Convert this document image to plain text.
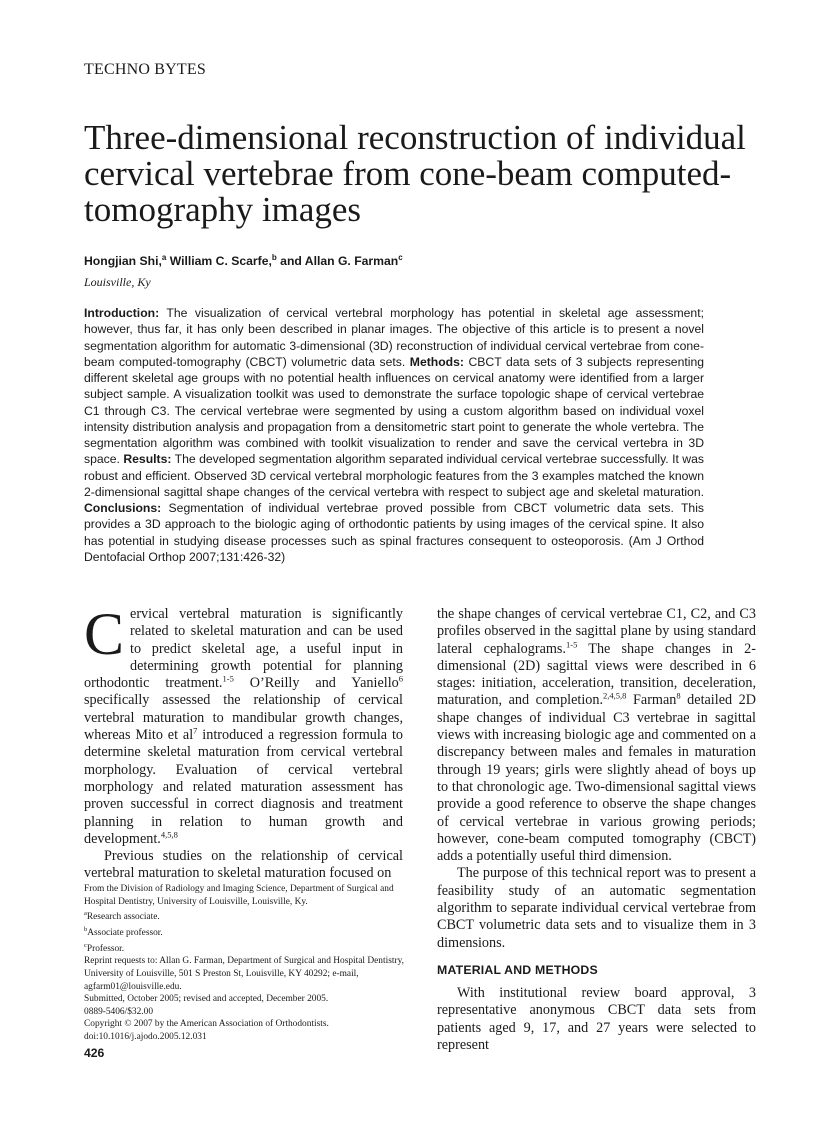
TECHNO BYTES
Three-dimensional reconstruction of individual cervical vertebrae from cone-beam computed-tomography images
Hongjian Shi,$^a$ William C. Scarfe,$^b$ and Allan G. Farman$^c$
Louisville, Ky

Introduction: The visualization of cervical vertebral morphology has potential in skeletal age assessment; however, thus far, it has only been described in planar images. The objective of this article is to present a novel segmentation algorithm for automatic 3-dimensional (3D) reconstruction of individual cervical vertebrae from cone-beam computed-tomography (CBCT) volumetric data sets. Methods: CBCT data sets of 3 subjects representing different skeletal age groups with no potential health influences on cervical anatomy were identified from a larger subject sample. A visualization toolkit was used to demonstrate the surface topologic shape of cervical vertebrae C1 through C3. The cervical vertebrae were segmented by using a custom algorithm based on individual voxel intensity distribution analysis and propagation from a densitometric start point to generate the whole vertebra. The segmentation algorithm was combined with toolkit visualization to render and save the cervical vertebra in 3D space. Results: The developed segmentation algorithm separated individual cervical vertebrae successfully. It was robust and efficient. Observed 3D cervical vertebral morphologic features from the 3 examples matched the known 2-dimensional sagittal shape changes of the cervical vertebra with respect to subject age and skeletal maturation. Conclusions: Segmentation of individual vertebrae proved possible from CBCT volumetric data sets. This provides a 3D approach to the biologic aging of orthodontic patients by using images of the cervical spine. It also has potential in studying disease processes such as spinal fractures consequent to osteoporosis. (Am J Orthod Dentofacial Orthop 2007;131:426-32)

Cervical vertebral maturation is significantly related to skeletal maturation and can be used to predict skeletal age, a useful input in determining growth potential for planning orthodontic treatment.$^{1-5}$ O’Reilly and Yaniello$^6$ specifically assessed the relationship of cervical vertebral maturation to mandibular growth changes, whereas Mito et $al^7$ introduced a regression formula to determine skeletal maturation from cervical vertebral morphology. Evaluation of cervical vertebral morphology and related maturation assessment has proven successful in correct diagnosis and treatment planning in relation to human growth and development.$^{4,5,8}$

Previous studies on the relationship of cervical vertebral maturation to skeletal maturation focused on

From the Division of Radiology and Imaging Science, Department of Surgical and Hospital Dentistry, University of Louisville, Louisville, Ky.
$^a$Research associate.
$^b$Associate professor.
$^c$Professor.
Reprint requests to: Allan G. Farman, Department of Surgical and Hospital Dentistry, University of Louisville, 501 S Preston St, Louisville, KY 40292; e-mail, agfarm01@louisville.edu.
Submitted, October 2005; revised and accepted, December 2005.
0889-5406/$32.00
Copyright © 2007 by the American Association of Orthodontists.
doi:10.1016/j.ajodo.2005.12.031

the shape changes of cervical vertebrae C1, C2, and C3 profiles observed in the sagittal plane by using standard lateral cephalograms.$^{1-5}$ The shape changes in 2-dimensional (2D) sagittal views were described in 6 stages: initiation, acceleration, transition, deceleration, maturation, and completion.$^{2,4,5,8}$ Farman$^8$ detailed 2D shape changes of individual C3 vertebrae in sagittal views with increasing biologic age and commented on a discrepancy between males and females in maturation through 19 years; girls were slightly ahead of boys up to that chronologic age. Two-dimensional sagittal views provide a good reference to observe the shape changes of cervical vertebrae in various growing periods; however, cone-beam computed tomography (CBCT) adds a potentially useful third dimension.

The purpose of this technical report was to present a feasibility study of an automatic segmentation algorithm to separate individual cervical vertebrae from CBCT volumetric data sets and to visualize them in 3 dimensions.

MATERIAL AND METHODS

With institutional review board approval, 3 representative anonymous CBCT data sets from patients aged 9, 17, and 27 years were selected to represent

426
